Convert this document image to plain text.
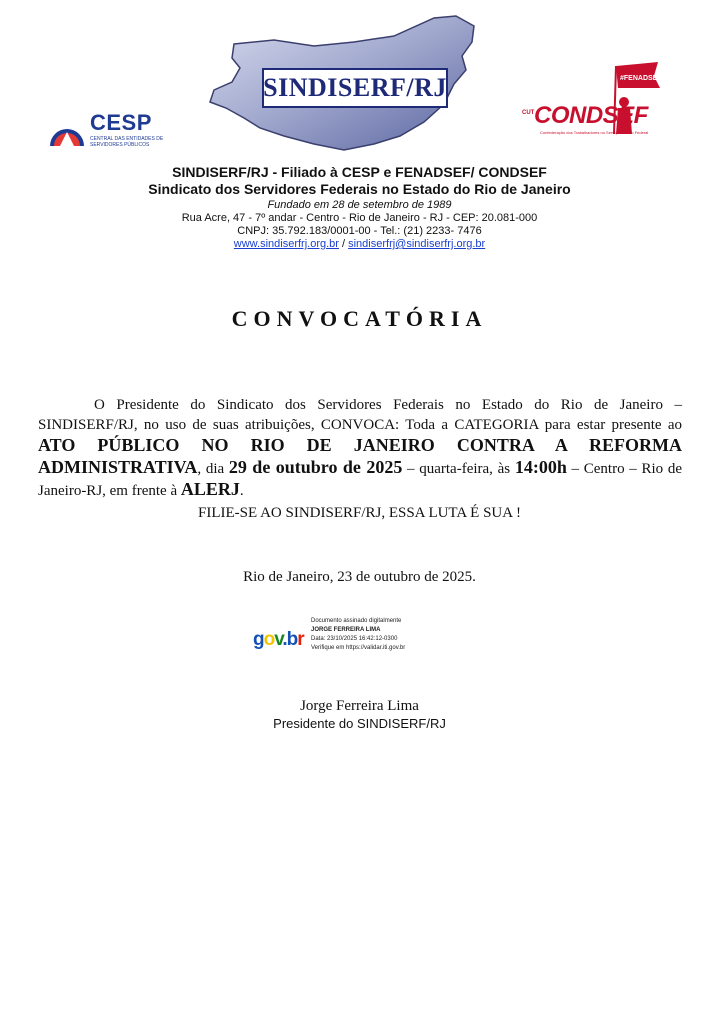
CESP
CENTRAL DAS ENTIDADES DE SERVIDORES PÚBLICOS
SINDISERF/RJ	#FENADSEF
CUT CONDSEF
Confederação dos Trabalhadores no Serviço Público Federal
SINDISERF/RJ - Filiado à CESP e FENADSEF/ CONDSEF
Sindicato dos Servidores Federais no Estado do Rio de Janeiro
Fundado em 28 de setembro de 1989
Rua Acre, 47 - 7º andar - Centro - Rio de Janeiro - RJ - CEP: 20.081-000
CNPJ: 35.792.183/0001-00 - Tel.: (21) 2233- 7476
www.sindiserfrj.org.br / sindiserfrj@sindiserfrj.org.br
CONVOCATÓRIA
O Presidente do Sindicato dos Servidores Federais no Estado do Rio de Janeiro – SINDISERF/RJ, no uso de suas atribuições, CONVOCA: Toda a CATEGORIA para estar presente ao ATO PÚBLICO NO RIO DE JANEIRO CONTRA A REFORMA ADMINISTRATIVA, dia 29 de outubro de 2025 – quarta-feira, às 14:00h – Centro – Rio de Janeiro-RJ, em frente à ALERJ.
FILIE-SE AO SINDISERF/RJ, ESSA LUTA É SUA !
Rio de Janeiro, 23 de outubro de 2025.
gov.br
Documento assinado digitalmente
JORGE FERREIRA LIMA
Data: 23/10/2025 16:42:12-0300
Verifique em https://validar.iti.gov.br
Jorge Ferreira Lima
Presidente do SINDISERF/RJ
